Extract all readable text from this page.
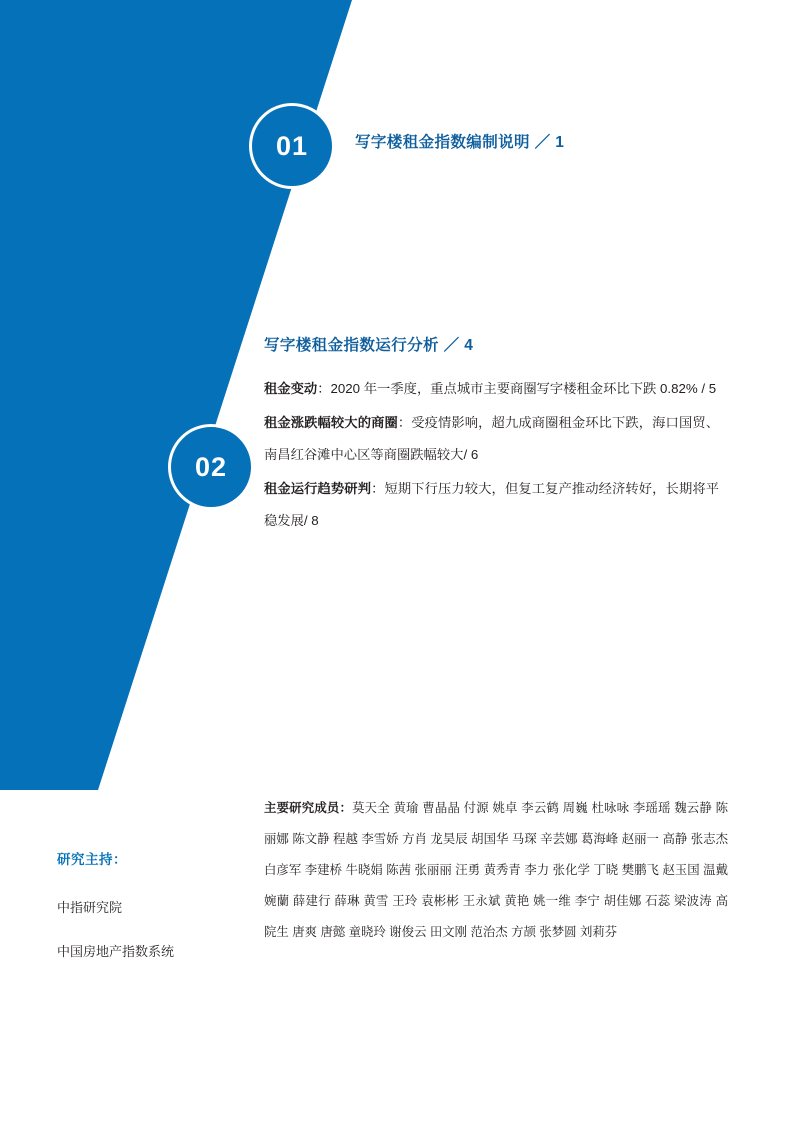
01	写字楼租金指数编制说明 ／ 1
02
写字楼租金指数运行分析 ／ 4
租金变动：2020 年一季度，重点城市主要商圈写字楼租金环比下跌 0.82% / 5
租金涨跌幅较大的商圈：受疫情影响，超九成商圈租金环比下跌，海口国贸、南昌红谷滩中心区等商圈跌幅较大/ 6
租金运行趋势研判：短期下行压力较大，但复工复产推动经济转好，长期将平稳发展/ 8
研究主持：
中指研究院
中国房地产指数系统
主要研究成员：莫天全 黄瑜 曹晶晶 付源 姚卓 李云鹤 周巍 杜咏咏 李瑶瑶 魏云静 陈丽娜 陈文静 程越 李雪娇 方肖 龙昊辰 胡国华 马琛 辛芸娜 葛海峰 赵丽一 高静 张志杰 白彦军 李建桥 牛晓娟 陈茜 张丽丽 汪勇 黄秀青 李力 张化学 丁晓 樊鹏飞 赵玉国 温戴婉蘭 薛建行 薛琳 黄雪 王玲 袁彬彬 王永斌 黄艳 姚一维 李宁 胡佳娜 石蕊 梁波涛 高院生 唐爽 唐懿 童晓玲 谢俊云 田文刚 范治杰 方颉 张梦圆 刘莉芬
